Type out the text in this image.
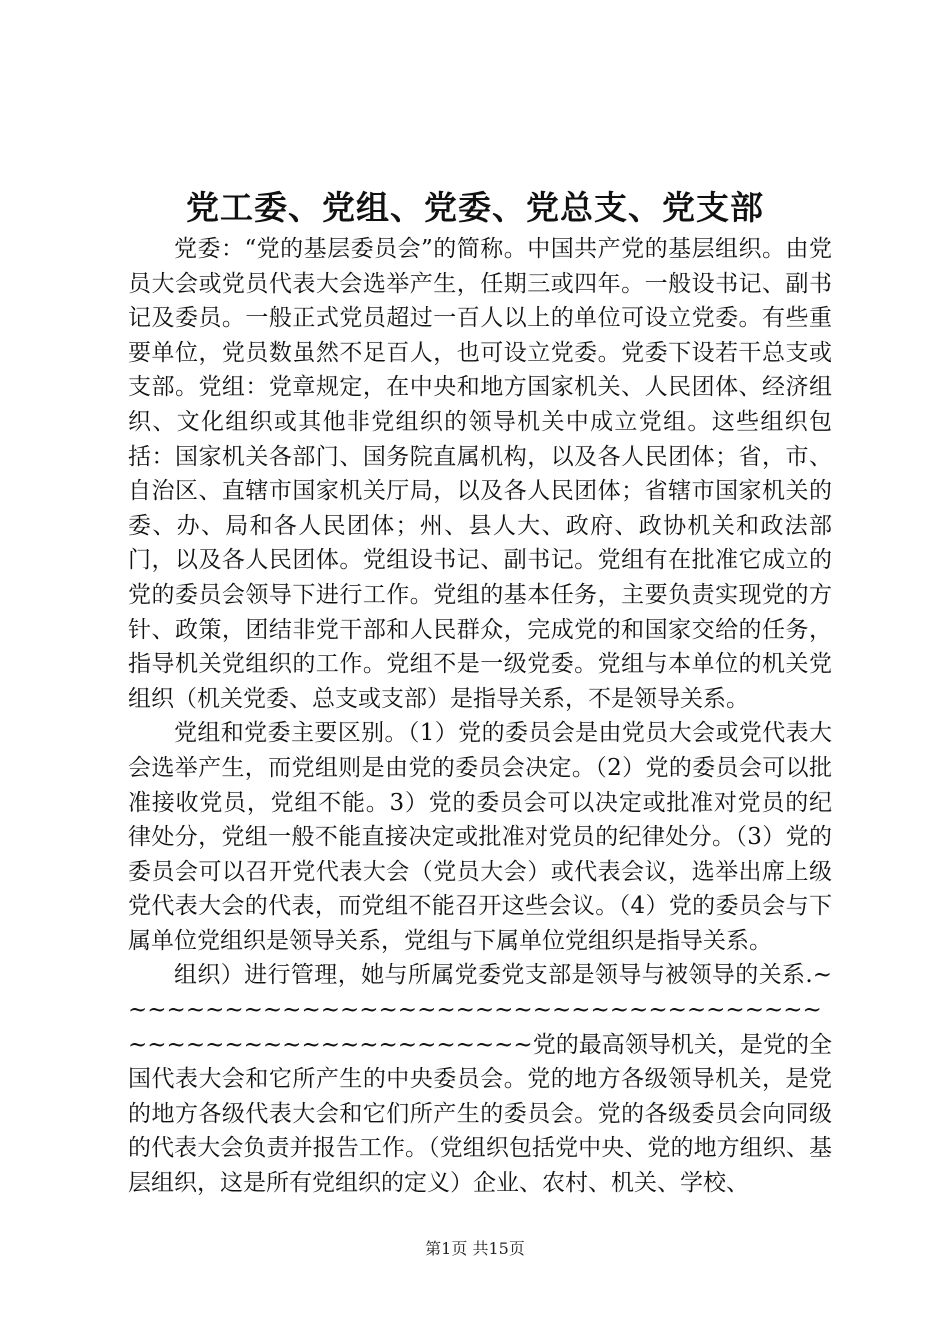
党工委、党组、党委、党总支、党支部

党委：“党的基层委员会”的简称。中国共产党的基层组织。由党员大会或党员代表大会选举产生，任期三或四年。一般设书记、副书记及委员。一般正式党员超过一百人以上的单位可设立党委。有些重要单位，党员数虽然不足百人，也可设立党委。党委下设若干总支或支部。党组：党章规定，在中央和地方国家机关、人民团体、经济组织、文化组织或其他非党组织的领导机关中成立党组。这些组织包括：国家机关各部门、国务院直属机构，以及各人民团体；省，市、自治区、直辖市国家机关厅局，以及各人民团体；省辖市国家机关的委、办、局和各人民团体；州、县人大、政府、政协机关和政法部门，以及各人民团体。党组设书记、副书记。党组有在批准它成立的党的委员会领导下进行工作。党组的基本任务，主要负责实现党的方针、政策，团结非党干部和人民群众，完成党的和国家交给的任务，指导机关党组织的工作。党组不是一级党委。党组与本单位的机关党组织（机关党委、总支或支部）是指导关系，不是领导关系。

党组和党委主要区别。（1）党的委员会是由党员大会或党代表大会选举产生，而党组则是由党的委员会决定。（2）党的委员会可以批准接收党员，党组不能。3）党的委员会可以决定或批准对党员的纪律处分，党组一般不能直接决定或批准对党员的纪律处分。（3）党的委员会可以召开党代表大会（党员大会）或代表会议，选举出席上级党代表大会的代表，而党组不能召开这些会议。（4）党的委员会与下属单位党组织是领导关系，党组与下属单位党组织是指导关系。

组织）进行管理，她与所属党委党支部是领导与被领导的关系.~~~~~~~~~~~~~~~~~~~~~~~~~~~~~~~~~~~~~~~~~~~~~~~~~~~~~~~~~~党的最高领导机关，是党的全国代表大会和它所产生的中央委员会。党的地方各级领导机关，是党的地方各级代表大会和它们所产生的委员会。党的各级委员会向同级的代表大会负责并报告工作。（党组织包括党中央、党的地方组织、基层组织，这是所有党组织的定义）企业、农村、机关、学校、

第1页 共15页
